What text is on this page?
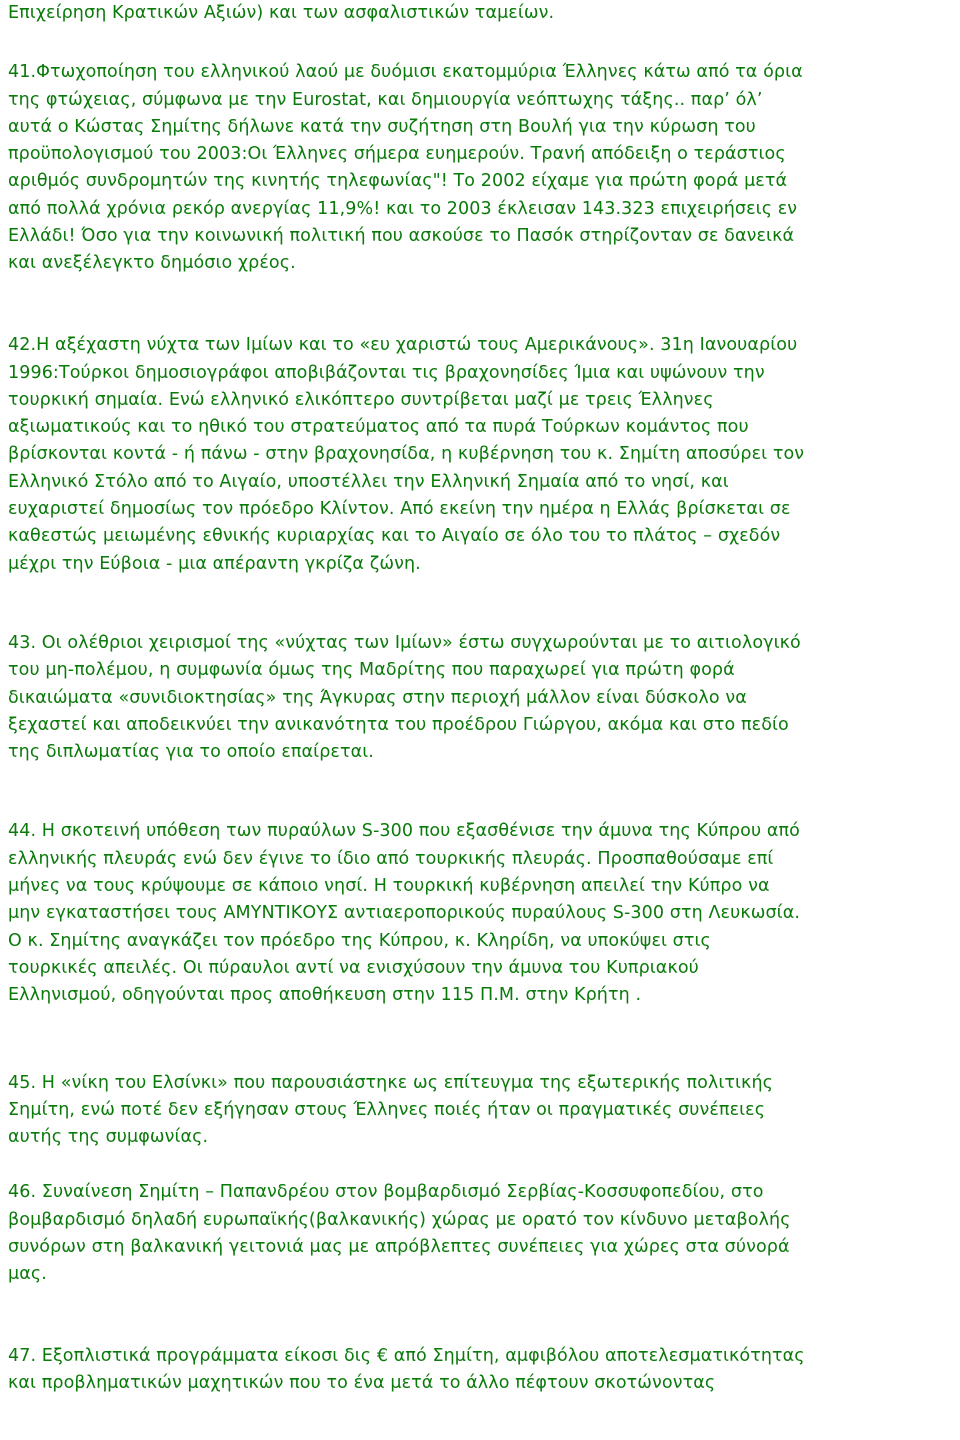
Επιχείρηση Κρατικών Αξιών) και των ασφαλιστικών ταμείων.
41.Φτωχοποίηση του ελληνικού λαού με δυόμισι εκατομμύρια Έλληνες κάτω από τα όρια
της φτώχειας, σύμφωνα με την Eurostat, και δημιουργία νεόπτωχης τάξης.. παρ’ όλ’
αυτά ο Κώστας Σημίτης δήλωνε κατά την συζήτηση στη Βουλή για την κύρωση του
προϋπολογισμού του 2003:Οι Έλληνες σήμερα ευημερούν. Τρανή απόδειξη ο τεράστιος
αριθμός συνδρομητών της κινητής τηλεφωνίας"! Το 2002 είχαμε για πρώτη φορά μετά
από πολλά χρόνια ρεκόρ ανεργίας 11,9%! και το 2003 έκλεισαν 143.323 επιχειρήσεις εν
Ελλάδι! Όσο για την κοινωνική πολιτική που ασκούσε το Πασόκ στηρίζονταν σε δανεικά
και ανεξέλεγκτο δημόσιο χρέος.
42.Η αξέχαστη νύχτα των Ιμίων και το «ευ χαριστώ τους Αμερικάνους». 31η Ιανουαρίου
1996:Τούρκοι δημοσιογράφοι αποβιβάζονται τις βραχονησίδες Ίμια και υψώνουν την
τουρκική σημαία. Ενώ ελληνικό ελικόπτερο συντρίβεται μαζί με τρεις Έλληνες
αξιωματικούς και το ηθικό του στρατεύματος από τα πυρά Τούρκων κομάντος που
βρίσκονται κοντά - ή πάνω - στην βραχονησίδα, η κυβέρνηση του κ. Σημίτη αποσύρει τον
Ελληνικό Στόλο από το Αιγαίο, υποστέλλει την Ελληνική Σημαία από το νησί, και
ευχαριστεί δημοσίως τον πρόεδρο Κλίντον. Από εκείνη την ημέρα η Ελλάς βρίσκεται σε
καθεστώς μειωμένης εθνικής κυριαρχίας και το Αιγαίο σε όλο του το πλάτος – σχεδόν
μέχρι την Εύβοια - μια απέραντη γκρίζα ζώνη.
43. Οι ολέθριοι χειρισμοί της «νύχτας των Ιμίων» έστω συγχωρούνται με το αιτιολογικό
του μη-πολέμου, η συμφωνία όμως της Μαδρίτης που παραχωρεί για πρώτη φορά
δικαιώματα «συνιδιοκτησίας» της Άγκυρας στην περιοχή μάλλον είναι δύσκολο να
ξεχαστεί και αποδεικνύει την ανικανότητα του προέδρου Γιώργου, ακόμα και στο πεδίο
της διπλωματίας για το οποίο επαίρεται.
44. Η σκοτεινή υπόθεση των πυραύλων S-300 που εξασθένισε την άμυνα της Κύπρου από
ελληνικής πλευράς ενώ δεν έγινε το ίδιο από τουρκικής πλευράς. Προσπαθούσαμε επί
μήνες να τους κρύψουμε σε κάποιο νησί. Η τουρκική κυβέρνηση απειλεί την Κύπρο να
μην εγκαταστήσει τους ΑΜΥΝΤΙΚΟΥΣ αντιαεροπορικούς πυραύλους S-300 στη Λευκωσία.
Ο κ. Σημίτης αναγκάζει τον πρόεδρο της Κύπρου, κ. Κληρίδη, να υποκύψει στις
τουρκικές απειλές. Οι πύραυλοι αντί να ενισχύσουν την άμυνα του Κυπριακού
Ελληνισμού, οδηγούνται προς αποθήκευση στην 115 Π.Μ. στην Κρήτη .
45. Η «νίκη του Ελσίνκι» που παρουσιάστηκε ως επίτευγμα της εξωτερικής πολιτικής
Σημίτη, ενώ ποτέ δεν εξήγησαν στους Έλληνες ποιές ήταν οι πραγματικές συνέπειες
αυτής της συμφωνίας.
46. Συναίνεση Σημίτη – Παπανδρέου στον βομβαρδισμό Σερβίας-Κοσσυφοπεδίου, στο
βομβαρδισμό δηλαδή ευρωπαϊκής(βαλκανικής) χώρας με ορατό τον κίνδυνο μεταβολής
συνόρων στη βαλκανική γειτονιά μας με απρόβλεπτες συνέπειες για χώρες στα σύνορά
μας.
47. Εξοπλιστικά προγράμματα είκοσι δις € από Σημίτη, αμφιβόλου αποτελεσματικότητας
και προβληματικών μαχητικών που το ένα μετά το άλλο πέφτουν σκοτώνοντας
